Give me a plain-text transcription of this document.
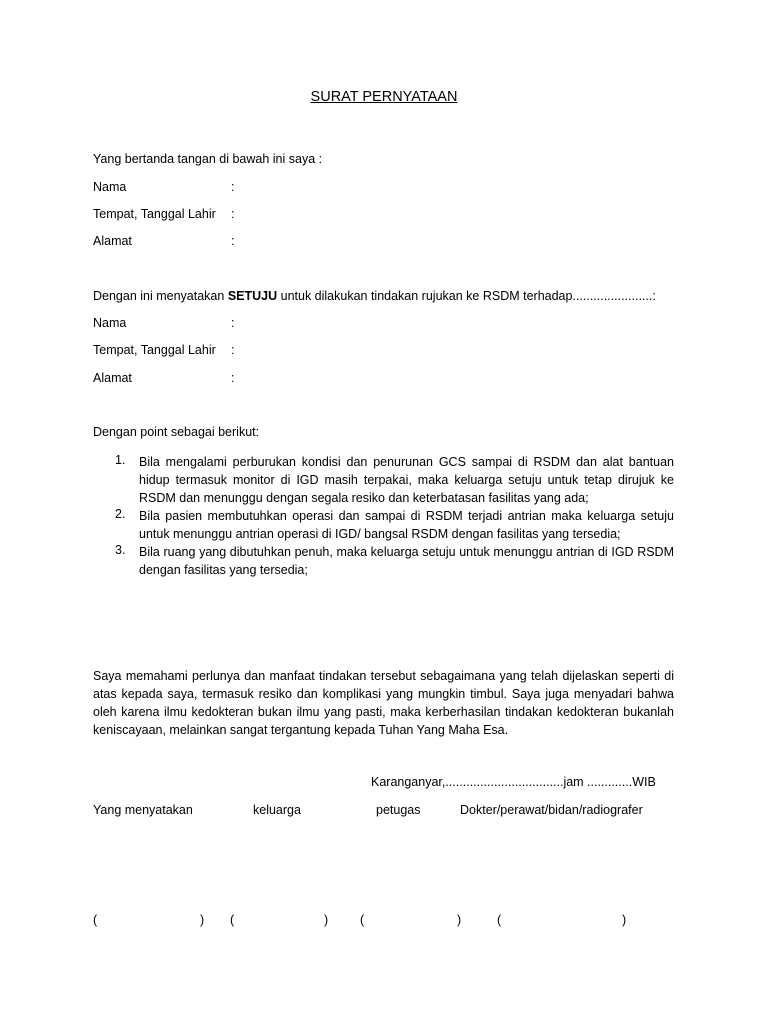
SURAT PERNYATAAN
Yang bertanda tangan di bawah ini saya :
Nama	:
Tempat, Tanggal Lahir :
Alamat	:
Dengan ini menyatakan SETUJU untuk dilakukan tindakan rujukan ke RSDM terhadap.......................:
Nama	:
Tempat, Tanggal Lahir :
Alamat	:
Dengan point sebagai berikut:
1. Bila mengalami perburukan kondisi dan penurunan GCS sampai di RSDM dan alat bantuan hidup termasuk monitor di IGD masih terpakai, maka keluarga setuju untuk tetap dirujuk ke RSDM dan menunggu dengan segala resiko dan keterbatasan fasilitas yang ada;
2. Bila pasien membutuhkan operasi dan sampai di RSDM terjadi antrian maka keluarga setuju untuk menunggu antrian operasi di IGD/ bangsal RSDM dengan fasilitas yang tersedia;
3. Bila ruang yang dibutuhkan penuh, maka keluarga setuju untuk menunggu antrian di IGD RSDM dengan fasilitas yang tersedia;
Saya memahami perlunya dan manfaat tindakan tersebut sebagaimana yang telah dijelaskan seperti di atas kepada saya, termasuk resiko dan komplikasi yang mungkin timbul. Saya juga menyadari bahwa oleh karena ilmu kedokteran bukan ilmu yang pasti, maka kerberhasilan tindakan kedokteran bukanlah keniscayaan, melainkan sangat tergantung kepada Tuhan Yang Maha Esa.
Karanganyar,..................................jam .............WIB
Yang menyatakan	keluarga	petugas	Dokter/perawat/bidan/radiografer
(	) (	)	(	)	(	)
